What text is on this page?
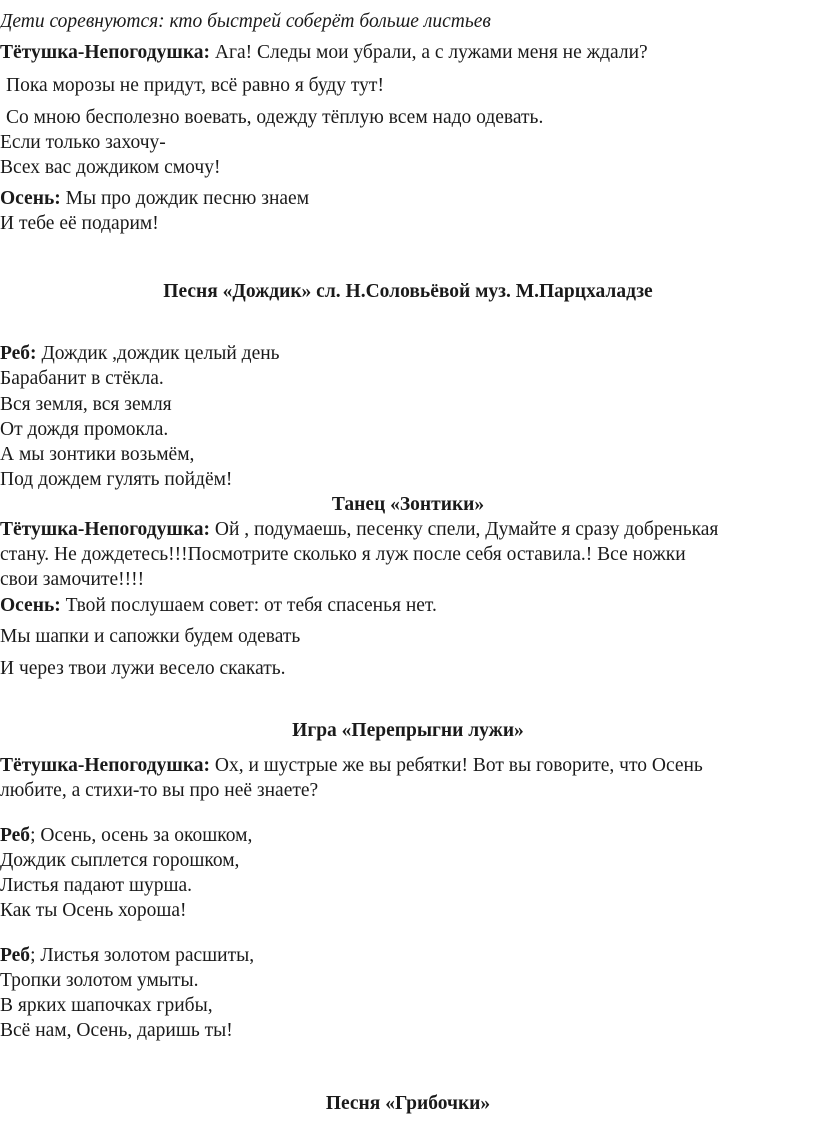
Дети соревнуются: кто быстрей соберёт больше листьев
Тётушка-Непогодушка: Ага! Следы мои убрали, а с лужами меня не ждали?
Пока морозы не придут, всё равно я буду тут!
Со мною бесполезно воевать, одежду тёплую всем надо одевать.
Если только захочу-
Всех вас дождиком смочу!
Осень: Мы про дождик песню знаем
И тебе её подарим!
Песня «Дождик» сл. Н.Соловьёвой муз. М.Парцхаладзе
Реб: Дождик ,дождик целый день
Барабанит в стёкла.
Вся земля, вся земля
От дождя промокла.
А мы зонтики возьмём,
Под дождем гулять пойдём!
Танец «Зонтики»
Тётушка-Непогодушка: Ой , подумаешь, песенку спели, Думайте я сразу добренькая
стану. Не дождетесь!!!Посмотрите сколько я луж после себя оставила.! Все ножки
свои замочите!!!!
Осень: Твой послушаем совет: от тебя спасенья нет.
Мы шапки и сапожки будем одевать
И через твои лужи весело скакать.
Игра «Перепрыгни лужи»
Тётушка-Непогодушка: Ох, и шустрые же вы ребятки! Вот вы говорите, что Осень
любите, а стихи-то вы про неё знаете?
Реб; Осень, осень за окошком,
Дождик сыплется горошком,
Листья падают шурша.
Как ты Осень хороша!
Реб; Листья золотом расшиты,
Тропки золотом умыты.
В ярких шапочках грибы,
Всё нам, Осень, даришь ты!
Песня «Грибочки»
